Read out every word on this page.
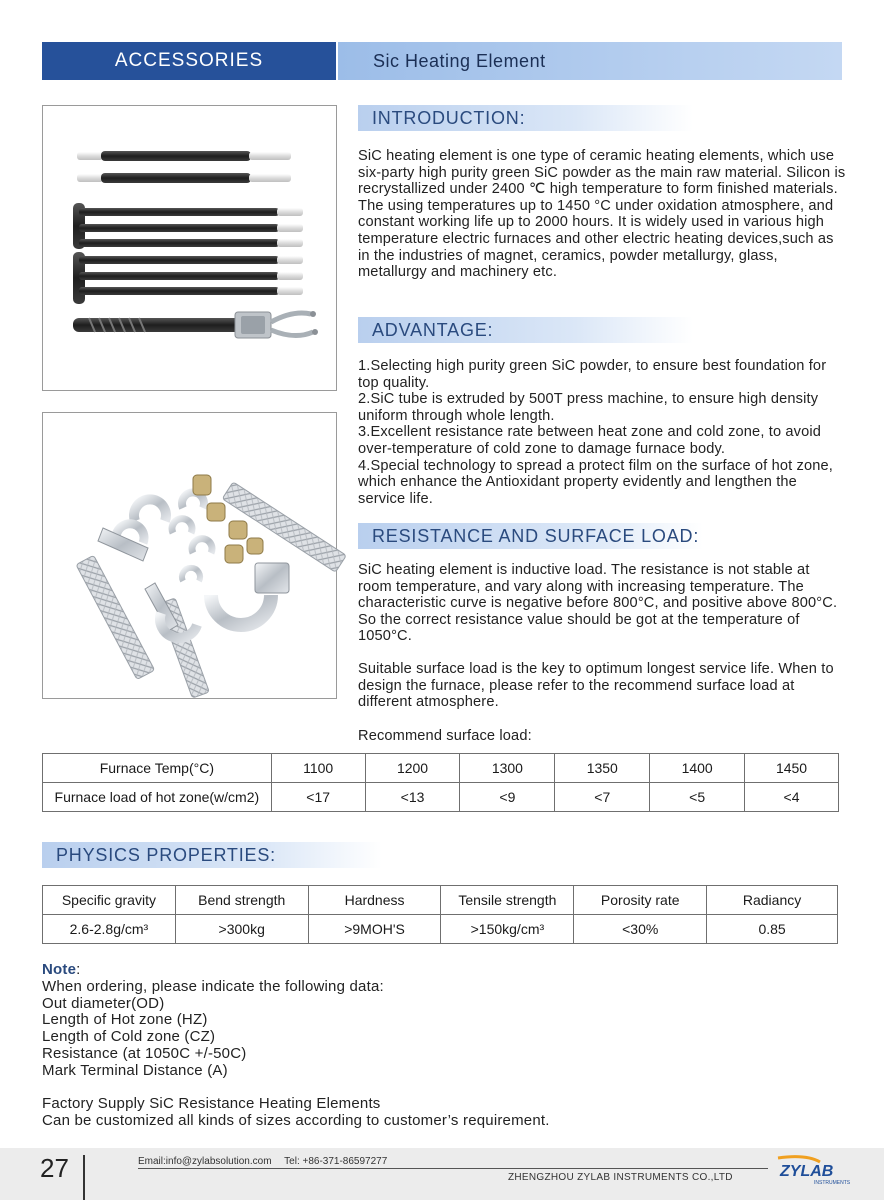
ACCESSORIES	Sic Heating Element
INTRODUCTION:
SiC heating element is one type of ceramic heating elements, which use six-party high purity green SiC powder as the main raw material. Silicon is recrystallized under 2400 ℃ high temperature to form finished materials. The using temperatures up to 1450 °C under oxidation atmosphere, and constant working life up to 2000 hours. It is widely used in various high temperature electric furnaces and other electric heating devices,such as in the industries of magnet, ceramics, powder metallurgy, glass, metallurgy and machinery etc.
ADVANTAGE:

1.Selecting high purity green SiC powder, to ensure best foundation for top quality.

2.SiC tube is extruded by 500T press machine, to ensure high density uniform through whole length.

3.Excellent resistance rate between heat zone and cold zone, to avoid over-temperature of cold zone to damage furnace body.

4.Special technology to spread a protect film on the surface of hot zone, which enhance the Antioxidant property evidently and lengthen the service life.

RESISTANCE AND SURFACE LOAD:
SiC heating element is inductive load. The resistance is not stable at room temperature, and vary along with increasing temperature. The characteristic curve is negative before 800°C, and positive above 800°C. So the correct resistance value should be got at the temperature of 1050°C.
Suitable surface load is the key to optimum longest service life. When to design the furnace, please refer to the recommend surface load at different atmosphere.
Recommend surface load:
Furnace Temp(°C)	1100	1200	1300	1350	1400	1450
Furnace load of hot zone(w/cm2)	<17	<13	<9	<7	<5	<4
PHYSICS PROPERTIES:
Specific gravity	Bend strength	Hardness	Tensile strength	Porosity rate	Radiancy
2.6-2.8g/cm³	>300kg	>9MOH'S	>150kg/cm³	<30%	0.85
Note:
When ordering, please indicate the following data:
Out diameter(OD)
Length of Hot zone (HZ)
Length of Cold zone (CZ)
Resistance (at 1050C +/-50C)
Mark Terminal Distance (A)
Factory Supply SiC Resistance Heating Elements
Can be customized all kinds of sizes according to customer’s requirement.
27	Email:info@zylabsolution.com Tel: +86-371-86597277
ZHENGZHOU ZYLAB INSTRUMENTS CO.,LTD	ZYLAB
INSTRUMENTS
